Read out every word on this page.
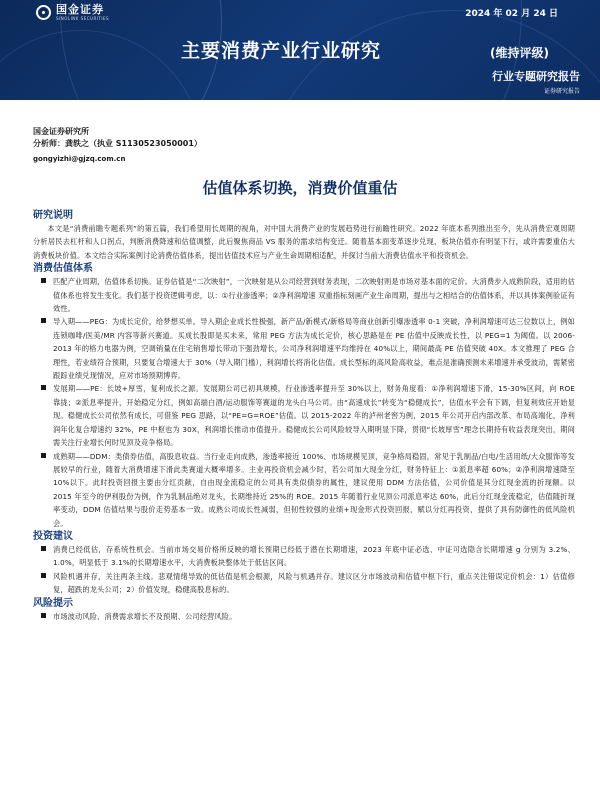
国金证券
SINOLINK SECURITIES	2024 年 02 月 24 日
主要消费产业行业研究	(维持评级)
行业专题研究报告
证券研究报告
国金证券研究所
分析师：龚轶之（执业 S1130523050001）
gongyizhi@gjzq.com.cn
估值体系切换，消费价值重估
研究说明

本文是“消费前瞻专题系列”的第五篇，我们希望用长周期的视角，对中国大消费产业的发展趋势进行前瞻性研究。2022 年底本系列推出至今，先从消费宏观周期分析居民去杠杆和人口拐点，判断消费降速和估值调整，此后聚焦商品 VS 服务的需求结构变迁。随着基本面变革逐步兑现，板块估值亦有明显下行，或许需要重估大消费板块价值。本文结合实际案例讨论消费估值体系，提出估值技术应与产业生命周期相适配，并探讨当前大消费估值水平和投资机会。

消费估值体系

匹配产业周期，估值体系切换。证券估值是“二次映射”，一次映射是从公司经营到财务表现，二次映射则是市场对基本面的定价。大消费步入成熟阶段，适用的估值体系也将发生变化。我们基于投资逻辑考虑，以：①行业渗透率；②净利润增速 双重指标刻画产业生命周期，提出与之相结合的估值体系，并以具体案例验证有效性。

导入期——PEG：为成长定价，给梦想买单。导入期企业成长性极强，新产品/新模式/新格局等商业创新引爆渗透率 0-1 突破，净利润增速可达三位数以上，例如连锁咖啡/医美/MR 内容等新兴赛道。买成长股即是买未来，常用 PEG 方法为成长定价，核心思路是在 PE 估值中反映成长性，以 PEG=1 为阈值。以 2006-2013 年的格力电器为例，空调销量在住宅销售增长带动下强劲增长，公司净利润增速平均维持在 40%以上，期间最高 PE 估值突破 40X。本文推理了 PEG 合理性，若业绩符合预期，只要复合增速大于 30%（导入期门槛），利润增长将消化估值。成长型标的高风险高收益，难点是准确预测未来增速并承受波动，需紧密跟踪业绩兑现情况，应对市场预期博弈。

发展期——PE：长坡+厚雪，复利成长之源。发展期公司已初具规模，行业渗透率提升至 30%以上，财务角度看：①净利润增速下滑，15-30%区间，向 ROE 靠拢；②派息率提升，开始稳定分红，例如高端白酒/运动服饰等赛道的龙头白马公司。由“高速成长”转变为“稳健成长”，估值水平会有下调，但复利效应开始显现。稳健成长公司依然有成长，可借鉴 PEG 思路，以“PE=G=ROE”估值。以 2015-2022 年的泸州老窖为例，2015 年公司开启内部改革、布局高端化，净利润年化复合增速约 32%，PE 中枢也为 30X，利润增长推动市值提升。稳健成长公司风险较导入期明显下降，贯彻“长坡厚雪”理念长期持有收益表现突出，期间需关注行业增长何时见顶及竞争格局。

成熟期——DDM：类债券估值，高股息收益。当行业走向成熟，渗透率接近 100%、市场规模见顶，竞争格局稳固，常见于乳制品/白电/生活用纸/大众服饰等发展较早的行业，随着大消费增速下滑此类赛道大概率增多。主业再投资机会减少时，若公司加大现金分红，财务特征上：①派息率超 60%；②净利润增速降至 10%以下。此时投资回报主要由分红贡献，自由现金流稳定的公司具有类似债券的属性，建议使用 DDM 方法估值，公司价值是其分红现金流的折现额。以 2015 年至今的伊利股份为例，作为乳制品绝对龙头，长期维持近 25%的 ROE。2015 年随着行业见顶公司派息率达 60%，此后分红现金流稳定，估值随折现率变动，DDM 估值结果与股价走势基本一致。成熟公司成长性减弱，但韧性较强的业绩+现金形式投资回报，赋以分红再投资，提供了具有防御性的低风险机会。

投资建议

消费已经低估，存系统性机会。当前市场交易价格所反映的增长预期已经低于潜在长期增速，2023 年底中证必选、中证可选隐含长期增速 g 分别为 3.2%、1.0%，明显低于 3.1%的长期增速水平，大消费板块整体处于低估区间。

风险机遇并存，关注两条主线。悲观情绪导致的低估值是机会根源，风险与机遇并存。建议区分市场波动和估值中枢下行，重点关注错误定价机会：1）估值修复，超跌的龙头公司；2）价值发现，稳健高股息标的。

风险提示

市场波动风险、消费需求增长不及预期、公司经营风险。
